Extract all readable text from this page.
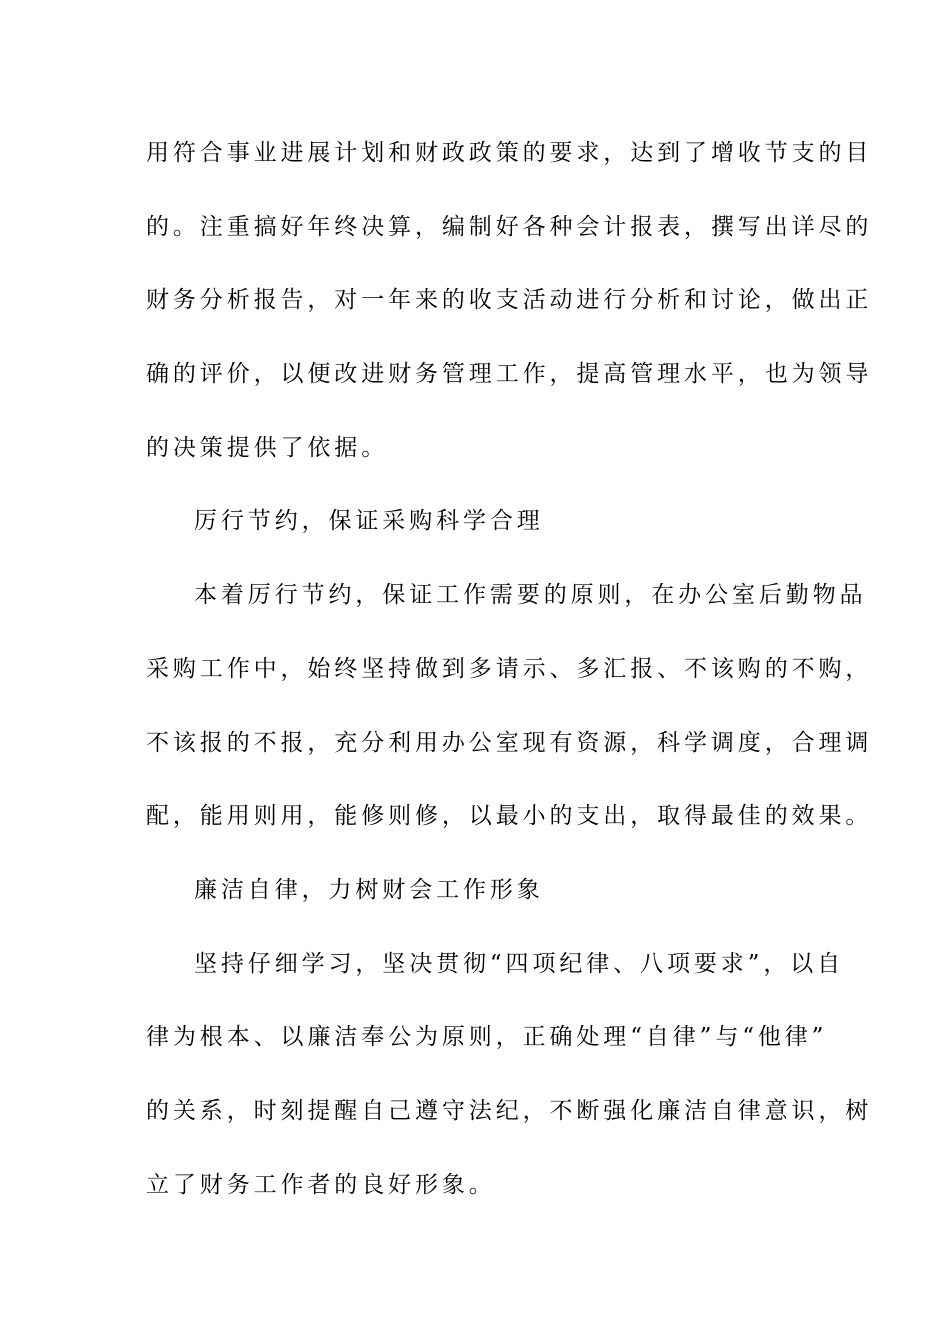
用符合事业进展计划和财政政策的要求，达到了增收节支的目
的。注重搞好年终决算，编制好各种会计报表，撰写出详尽的
财务分析报告，对一年来的收支活动进行分析和讨论，做出正
确的评价，以便改进财务管理工作，提高管理水平，也为领导
的决策提供了依据。
厉行节约，保证采购科学合理
本着厉行节约，保证工作需要的原则，在办公室后勤物品
采购工作中，始终坚持做到多请示、多汇报、不该购的不购，
不该报的不报，充分利用办公室现有资源，科学调度，合理调
配，能用则用，能修则修，以最小的支出，取得最佳的效果。
廉洁自律，力树财会工作形象
坚持仔细学习，坚决贯彻“四项纪律、八项要求”，以自
律为根本、以廉洁奉公为原则，正确处理“自律”与“他律”
的关系，时刻提醒自己遵守法纪，不断强化廉洁自律意识，树
立了财务工作者的良好形象。
